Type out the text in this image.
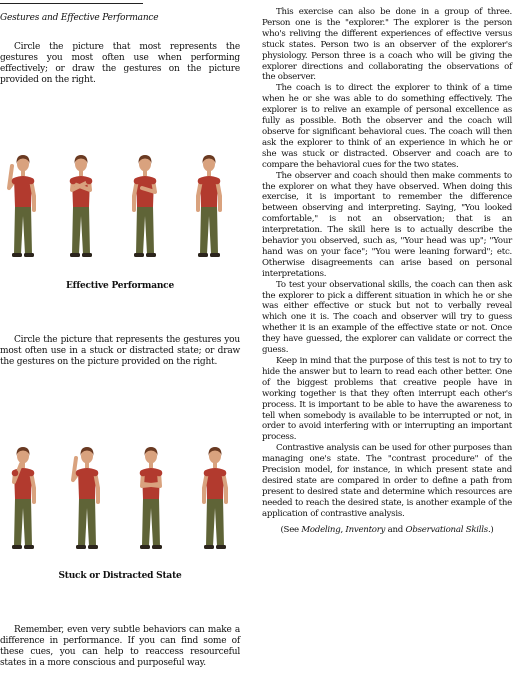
Gestures and Effective Performance

Circle the picture that most represents the gestures you most often use when performing effectively; or draw the gestures on the picture provided on the right.

Effective Performance

Circle the picture that represents the gestures you most often use in a stuck or distracted state; or draw the gestures on the picture provided on the right.

Stuck or Distracted State

Remember, even very subtle behaviors can make a difference in performance. If you can find some of these cues, you can help to reaccess resourceful states in a more conscious and purposeful way.

This exercise can also be done in a group of three. Person one is the "explorer." The explorer is the person who's reliving the different experiences of effective versus stuck states. Person two is an observer of the explorer's physiology. Person three is a coach who will be giving the explorer directions and collaborating the observations of the observer.

The coach is to direct the explorer to think of a time when he or she was able to do something effectively. The explorer is to relive an example of personal excellence as fully as possible. Both the observer and the coach will observe for significant behavioral cues. The coach will then ask the explorer to think of an experience in which he or she was stuck or distracted. Observer and coach are to compare the behavioral cues for the two states.

The observer and coach should then make comments to the explorer on what they have observed. When doing this exercise, it is important to remember the difference between observing and interpreting. Saying, "You looked comfortable," is not an observation; that is an interpretation. The skill here is to actually describe the behavior you observed, such as, "Your head was up"; "Your hand was on your face"; "You were leaning forward"; etc. Otherwise disagreements can arise based on personal interpretations.

To test your observational skills, the coach can then ask the explorer to pick a different situation in which he or she was either effective or stuck but not to verbally reveal which one it is. The coach and observer will try to guess whether it is an example of the effective state or not. Once they have guessed, the explorer can validate or correct the guess.

Keep in mind that the purpose of this test is not to try to hide the answer but to learn to read each other better. One of the biggest problems that creative people have in working together is that they often interrupt each other's process. It is important to be able to have the awareness to tell when somebody is available to be interrupted or not, in order to avoid interfering with or interrupting an important process.

Contrastive analysis can be used for other purposes than managing one's state. The "contrast procedure" of the Precision model, for instance, in which present state and desired state are compared in order to define a path from present to desired state and determine which resources are needed to reach the desired state, is another example of the application of contrastive analysis.

(See Modeling, Inventory and Observational Skills.)
